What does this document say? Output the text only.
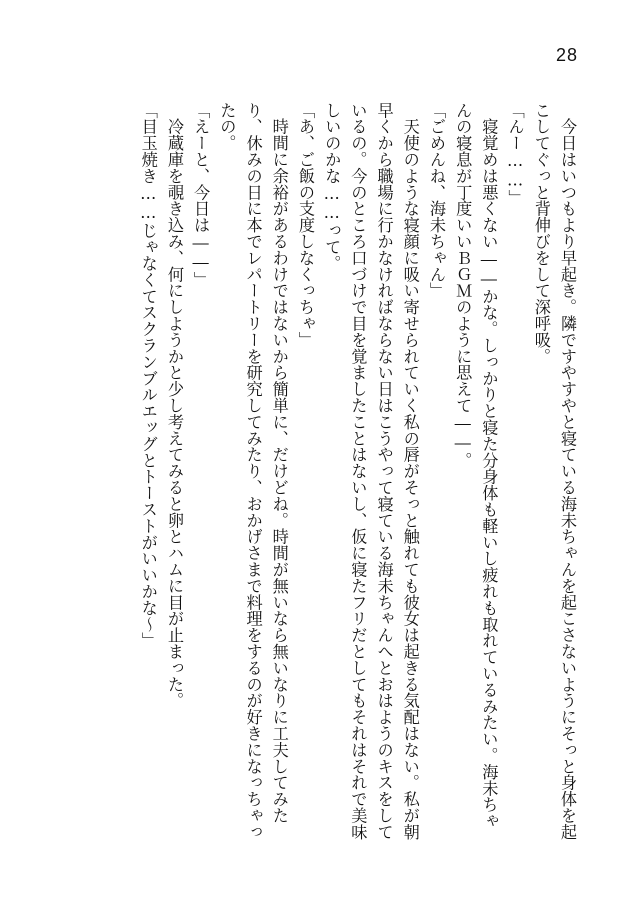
28

　今日はいつもより早起き。隣ですやすやと寝ている海未ちゃんを起こさないようにそっと身体を起こしてぐっと背伸びをして深呼吸。

「んー……」

　寝覚めは悪くない――かな。しっかりと寝た分身体も軽いし疲れも取れているみたい。海未ちゃんの寝息が丁度いいＢＧＭのように思えて――。

「ごめんね、海未ちゃん」

　天使のような寝顔に吸い寄せられていく私の唇がそっと触れても彼女は起きる気配はない。私が朝早くから職場に行かなければならない日はこうやって寝ている海未ちゃんへとおはようのキスをしているの。今のところ口づけで目を覚ましたことはないし、仮に寝たフリだとしてもそれはそれで美味しいのかな……って。

「あ、ご飯の支度しなくっちゃ」

　時間に余裕があるわけではないから簡単に、だけどね。時間が無いなら無いなりに工夫してみたり、休みの日に本でレパートリーを研究してみたり、おかげさまで料理をするのが好きになっちゃったの。

「えーと、今日は――」

　冷蔵庫を覗き込み、何にしようかと少し考えてみると卵とハムに目が止まった。

「目玉焼き……じゃなくてスクランブルエッグとトーストがいいかな～」
